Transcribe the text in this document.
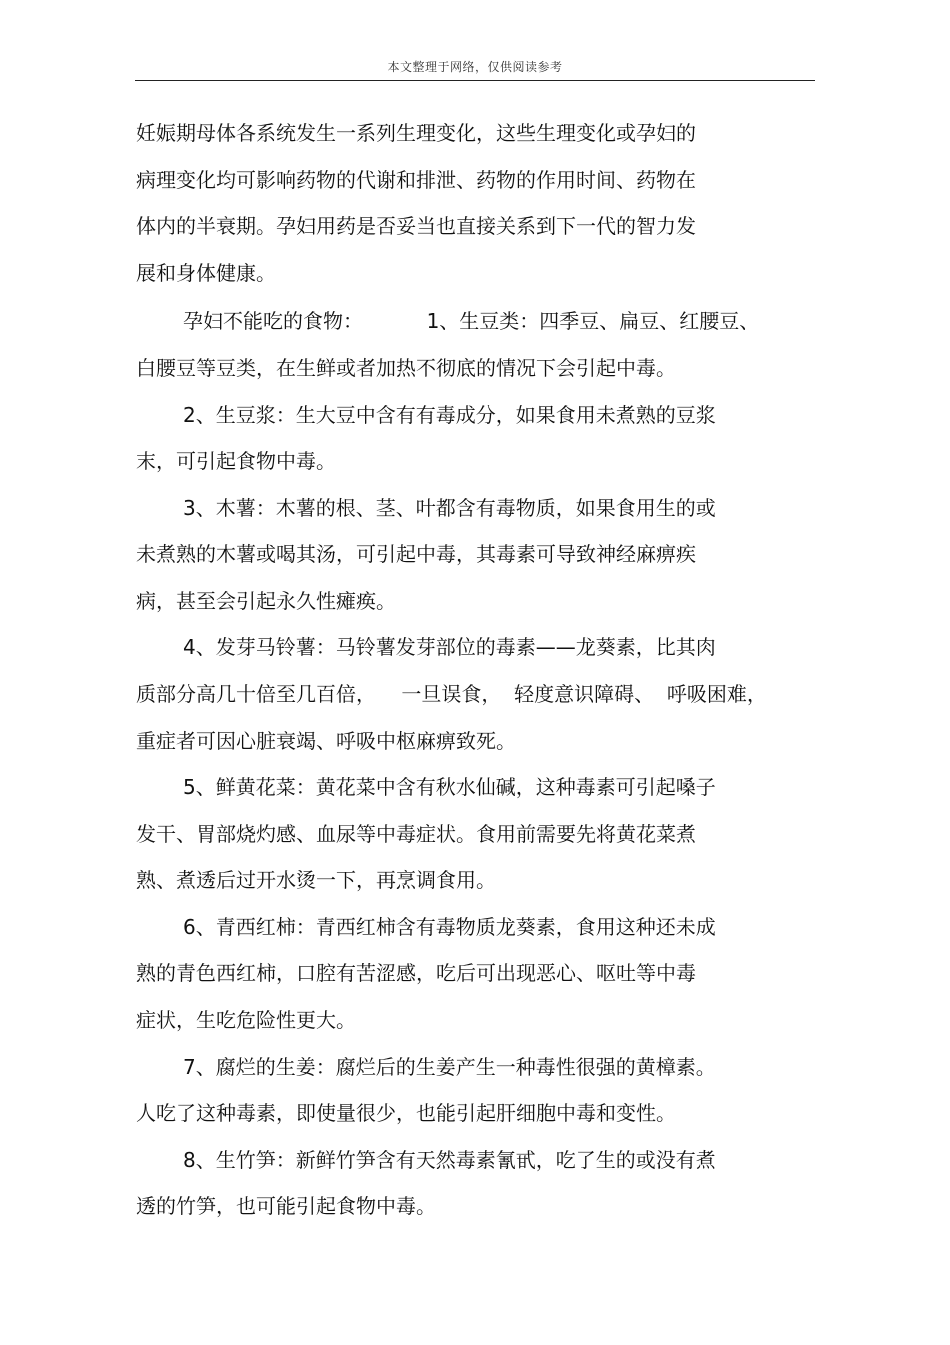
本文整理于网络，仅供阅读参考
妊娠期母体各系统发生一系列生理变化，这些生理变化或孕妇的
病理变化均可影响药物的代谢和排泄、药物的作用时间、药物在
体内的半衰期。孕妇用药是否妥当也直接关系到下一代的智力发
展和身体健康。
孕妇不能吃的食物：          1、生豆类：四季豆、扁豆、红腰豆、
白腰豆等豆类，在生鲜或者加热不彻底的情况下会引起中毒。
2、生豆浆：生大豆中含有有毒成分，如果食用未煮熟的豆浆
末，可引起食物中毒。
3、木薯：木薯的根、茎、叶都含有毒物质，如果食用生的或
未煮熟的木薯或喝其汤，可引起中毒，其毒素可导致神经麻痹疾
病，甚至会引起永久性瘫痪。
4、发芽马铃薯：马铃薯发芽部位的毒素——龙葵素，比其肉
质部分高几十倍至几百倍，    一旦误食，  轻度意识障碍、  呼吸困难，
重症者可因心脏衰竭、呼吸中枢麻痹致死。
5、鲜黄花菜：黄花菜中含有秋水仙碱，这种毒素可引起嗓子
发干、胃部烧灼感、血尿等中毒症状。食用前需要先将黄花菜煮
熟、煮透后过开水烫一下，再烹调食用。
6、青西红柿：青西红柿含有毒物质龙葵素，食用这种还未成
熟的青色西红柿，口腔有苦涩感，吃后可出现恶心、呕吐等中毒
症状，生吃危险性更大。
7、腐烂的生姜：腐烂后的生姜产生一种毒性很强的黄樟素。
人吃了这种毒素，即使量很少，也能引起肝细胞中毒和变性。
8、生竹笋：新鲜竹笋含有天然毒素氰甙，吃了生的或没有煮
透的竹笋，也可能引起食物中毒。
